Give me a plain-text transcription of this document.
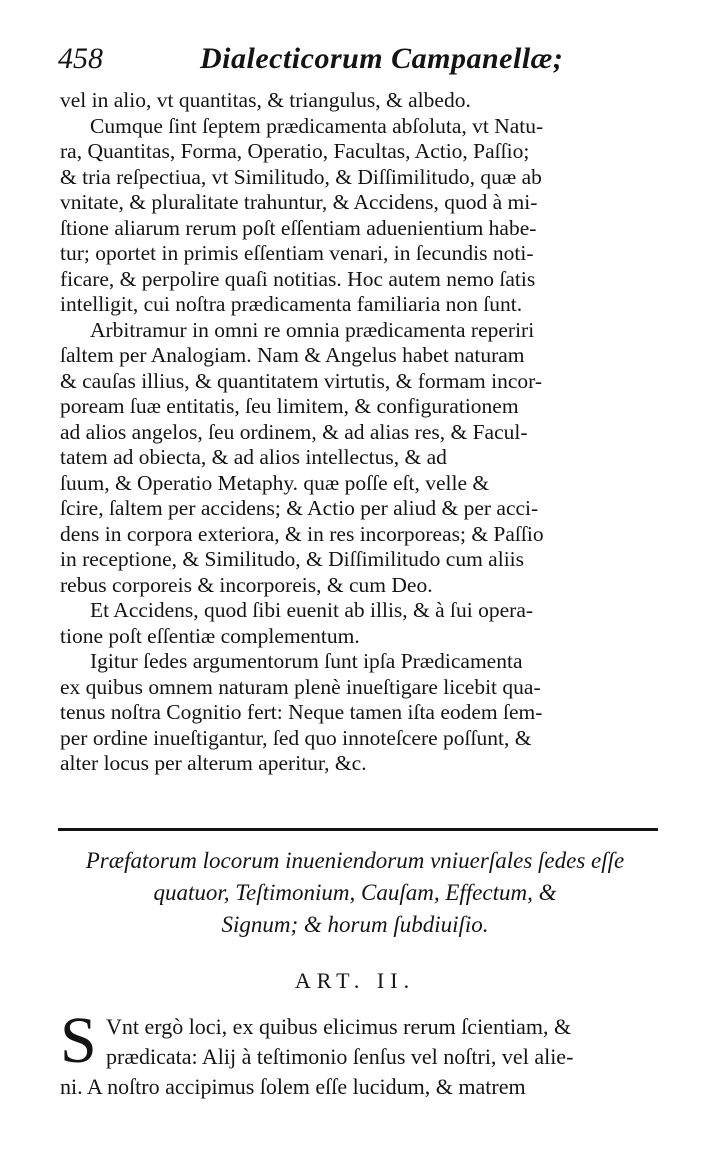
458	Dialecticorum Campanellæ;
vel in alio, vt quantitas, & triangulus, & albedo.
Cumque ſint ſeptem prædicamenta abſoluta, vt Natu-
ra, Quantitas, Forma, Operatio, Facultas, Actio, Paſſio;
& tria reſpectiua, vt Similitudo, & Diſſimilitudo, quæ ab
vnitate, & pluralitate trahuntur, & Accidens, quod à mi-
ſtione aliarum rerum poſt eſſentiam aduenientium habe-
tur; oportet in primis eſſentiam venari, in ſecundis noti-
ficare, & perpolire quaſi notitias. Hoc autem nemo ſatis
intelligit, cui noſtra prædicamenta familiaria non ſunt.
Arbitramur in omni re omnia prædicamenta reperiri
ſaltem per Analogiam. Nam & Angelus habet naturam
& cauſas illius, & quantitatem virtutis, & formam incor-
poream ſuæ entitatis, ſeu limitem, & configurationem
ad alios angelos, ſeu ordinem, & ad alias res, & Facul-
tatem ad obiecta, & ad alios intellectus, & ad
ſuum, & Operatio Metaphy. quæ poſſe eſt, velle &
ſcire, ſaltem per accidens; & Actio per aliud & per acci-
dens in corpora exteriora, & in res incorporeas; & Paſſio
in receptione, & Similitudo, & Diſſimilitudo cum aliis
rebus corporeis & incorporeis, & cum Deo.
Et Accidens, quod ſibi euenit ab illis, & à ſui opera-
tione poſt eſſentiæ complementum.
Igitur ſedes argumentorum ſunt ipſa Prædicamenta
ex quibus omnem naturam plenè inueſtigare licebit qua-
tenus noſtra Cognitio fert: Neque tamen iſta eodem ſem-
per ordine inueſtigantur, ſed quo innoteſcere poſſunt, &
alter locus per alterum aperitur, &c.
Præfatorum locorum inueniendorum vniuerſales ſedes eſſe
quatuor, Teſtimonium, Cauſam, Effectum, &
Signum; & horum ſubdiuiſio.
ART. II.
S Vnt ergò loci, ex quibus elicimus rerum ſcientiam, &
prædicata: Alij à teſtimonio ſenſus vel noſtri, vel alie-
ni. A noſtro accipimus ſolem eſſe lucidum, & matrem
